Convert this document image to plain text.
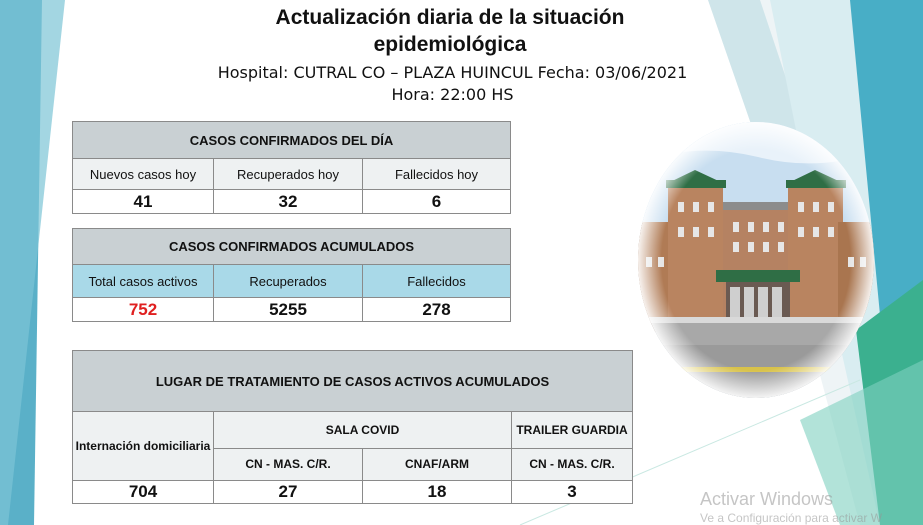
Actualización diaria de la situación epidemiológica
Hospital: CUTRAL CO – PLAZA HUINCUL Fecha: 03/06/2021
Hora: 22:00 HS
CASOS CONFIRMADOS DEL DÍA		
Nuevos casos hoy	Recuperados hoy	Fallecidos hoy
41	32	6
CASOS CONFIRMADOS ACUMULADOS		
Total casos activos	Recuperados	Fallecidos
752	5255	278
LUGAR DE TRATAMIENTO DE CASOS ACTIVOS ACUMULADOS			
Internación domiciliaria	SALA COVID		TRAILER GUARDIA
	CN - MAS. C/R.	CNAF/ARM	CN - MAS. C/R.
704	27	18	3	Activar Windows
Ve a Configuración para activar W
